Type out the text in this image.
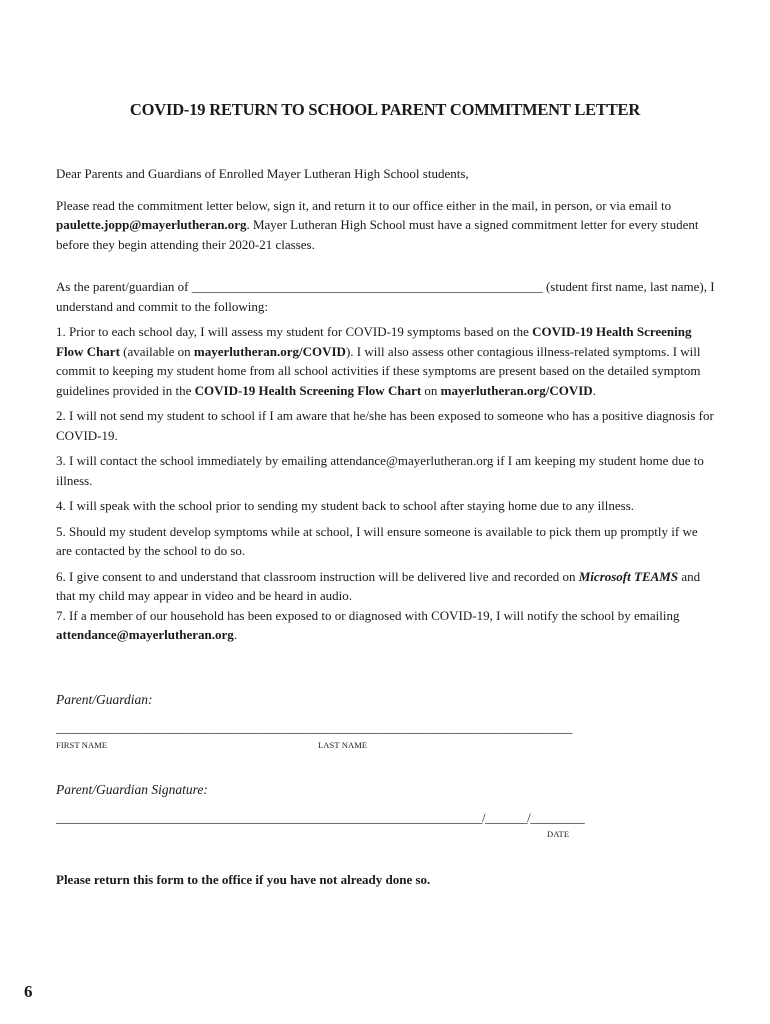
COVID-19 RETURN TO SCHOOL PARENT COMMITMENT LETTER

Dear Parents and Guardians of Enrolled Mayer Lutheran High School students,

Please read the commitment letter below, sign it, and return it to our office either in the mail, in person, or via email to paulette.jopp@mayerlutheran.org. Mayer Lutheran High School must have a signed commitment letter for every student before they begin attending their 2020-21 classes.

As the parent/guardian of ______________________________________________________ (student first name, last name), I understand and commit to the following:

1. Prior to each school day, I will assess my student for COVID-19 symptoms based on the COVID-19 Health Screening Flow Chart (available on mayerlutheran.org/COVID). I will also assess other contagious illness-related symptoms. I will commit to keeping my student home from all school activities if these symptoms are present based on the detailed symptom guidelines provided in the COVID-19 Health Screening Flow Chart on mayerlutheran.org/COVID.

2. I will not send my student to school if I am aware that he/she has been exposed to someone who has a positive diagnosis for COVID-19.

3. I will contact the school immediately by emailing attendance@mayerlutheran.org if I am keeping my student home due to illness.

4. I will speak with the school prior to sending my student back to school after staying home due to any illness.

5. Should my student develop symptoms while at school, I will ensure someone is available to pick them up promptly if we are contacted by the school to do so.

6. I give consent to and understand that classroom instruction will be delivered live and recorded on Microsoft TEAMS and that my child may appear in video and be heard in audio.

7. If a member of our household has been exposed to or diagnosed with COVID-19, I will notify the school by emailing attendance@mayerlutheran.org.

Parent/Guardian:
______________________________________________________________________________________
FIRST NAME	LAST NAME
Parent/Guardian Signature:
_______________________________________________________________________/_______/_________
DATE
Please return this form to the office if you have not already done so.
6
